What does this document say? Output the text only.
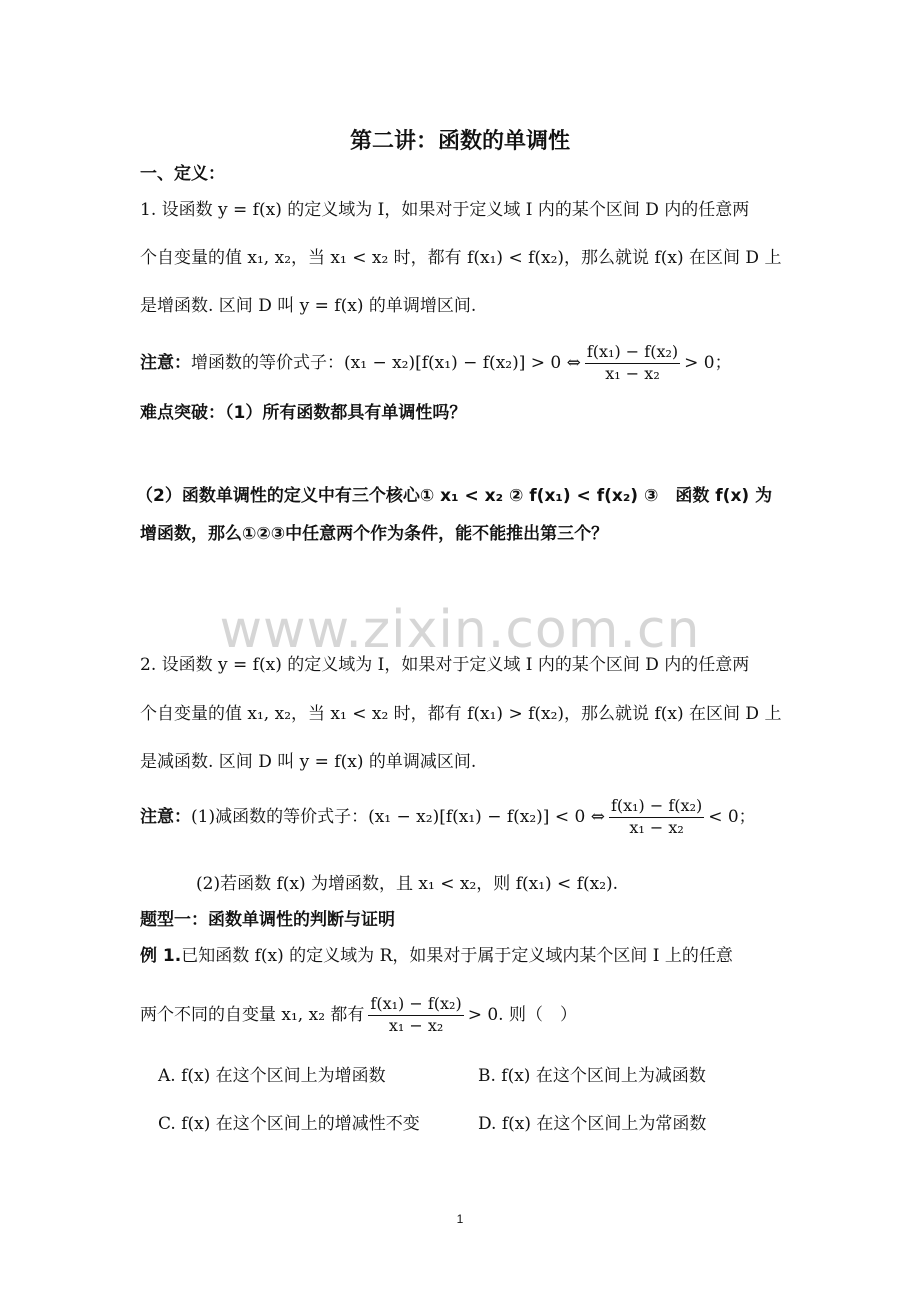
第二讲：函数的单调性
一、定义：
1. 设函数 y = f(x) 的定义域为 I，如果对于定义域 I 内的某个区间 D 内的任意两
个自变量的值 x₁, x₂，当 x₁ < x₂ 时，都有 f(x₁) < f(x₂)，那么就说 f(x) 在区间 D 上
是增函数. 区间 D 叫 y = f(x) 的单调增区间.
注意：增函数的等价式子：(x₁ − x₂)[f(x₁) − f(x₂)] > 0 ⇔ $\frac{\text{f(x₁) − f(x₂)}}{\text{x₁ − x₂}} > 0$；
难点突破：（1）所有函数都具有单调性吗？
（2）函数单调性的定义中有三个核心① x₁ < x₂ ② f(x₁) < f(x₂) ③　函数 f(x) 为
增函数，那么①②③中任意两个作为条件，能不能推出第三个？
www.zixin.com.cn
2. 设函数 y = f(x) 的定义域为 I，如果对于定义域 I 内的某个区间 D 内的任意两
个自变量的值 x₁, x₂，当 x₁ < x₂ 时，都有 f(x₁) > f(x₂)，那么就说 f(x) 在区间 D 上
是减函数. 区间 D 叫 y = f(x) 的单调减区间.
注意：(1)减函数的等价式子：(x₁ − x₂)[f(x₁) − f(x₂)] < 0 ⇔ $\frac{\text{f(x₁) − f(x₂)}}{\text{x₁ − x₂}} < 0$；
(2)若函数 f(x) 为增函数，且 x₁ < x₂，则 f(x₁) < f(x₂).
题型一：函数单调性的判断与证明
例 1.已知函数 f(x) 的定义域为 R，如果对于属于定义域内某个区间 I 上的任意
两个不同的自变量 x₁, x₂ 都有 $\frac{\text{f(x₁) − f(x₂)}}{\text{x₁ − x₂}} > 0$. 则（　）
A. f(x) 在这个区间上为增函数	B. f(x) 在这个区间上为减函数
C. f(x) 在这个区间上的增减性不变	D. f(x) 在这个区间上为常函数
1
